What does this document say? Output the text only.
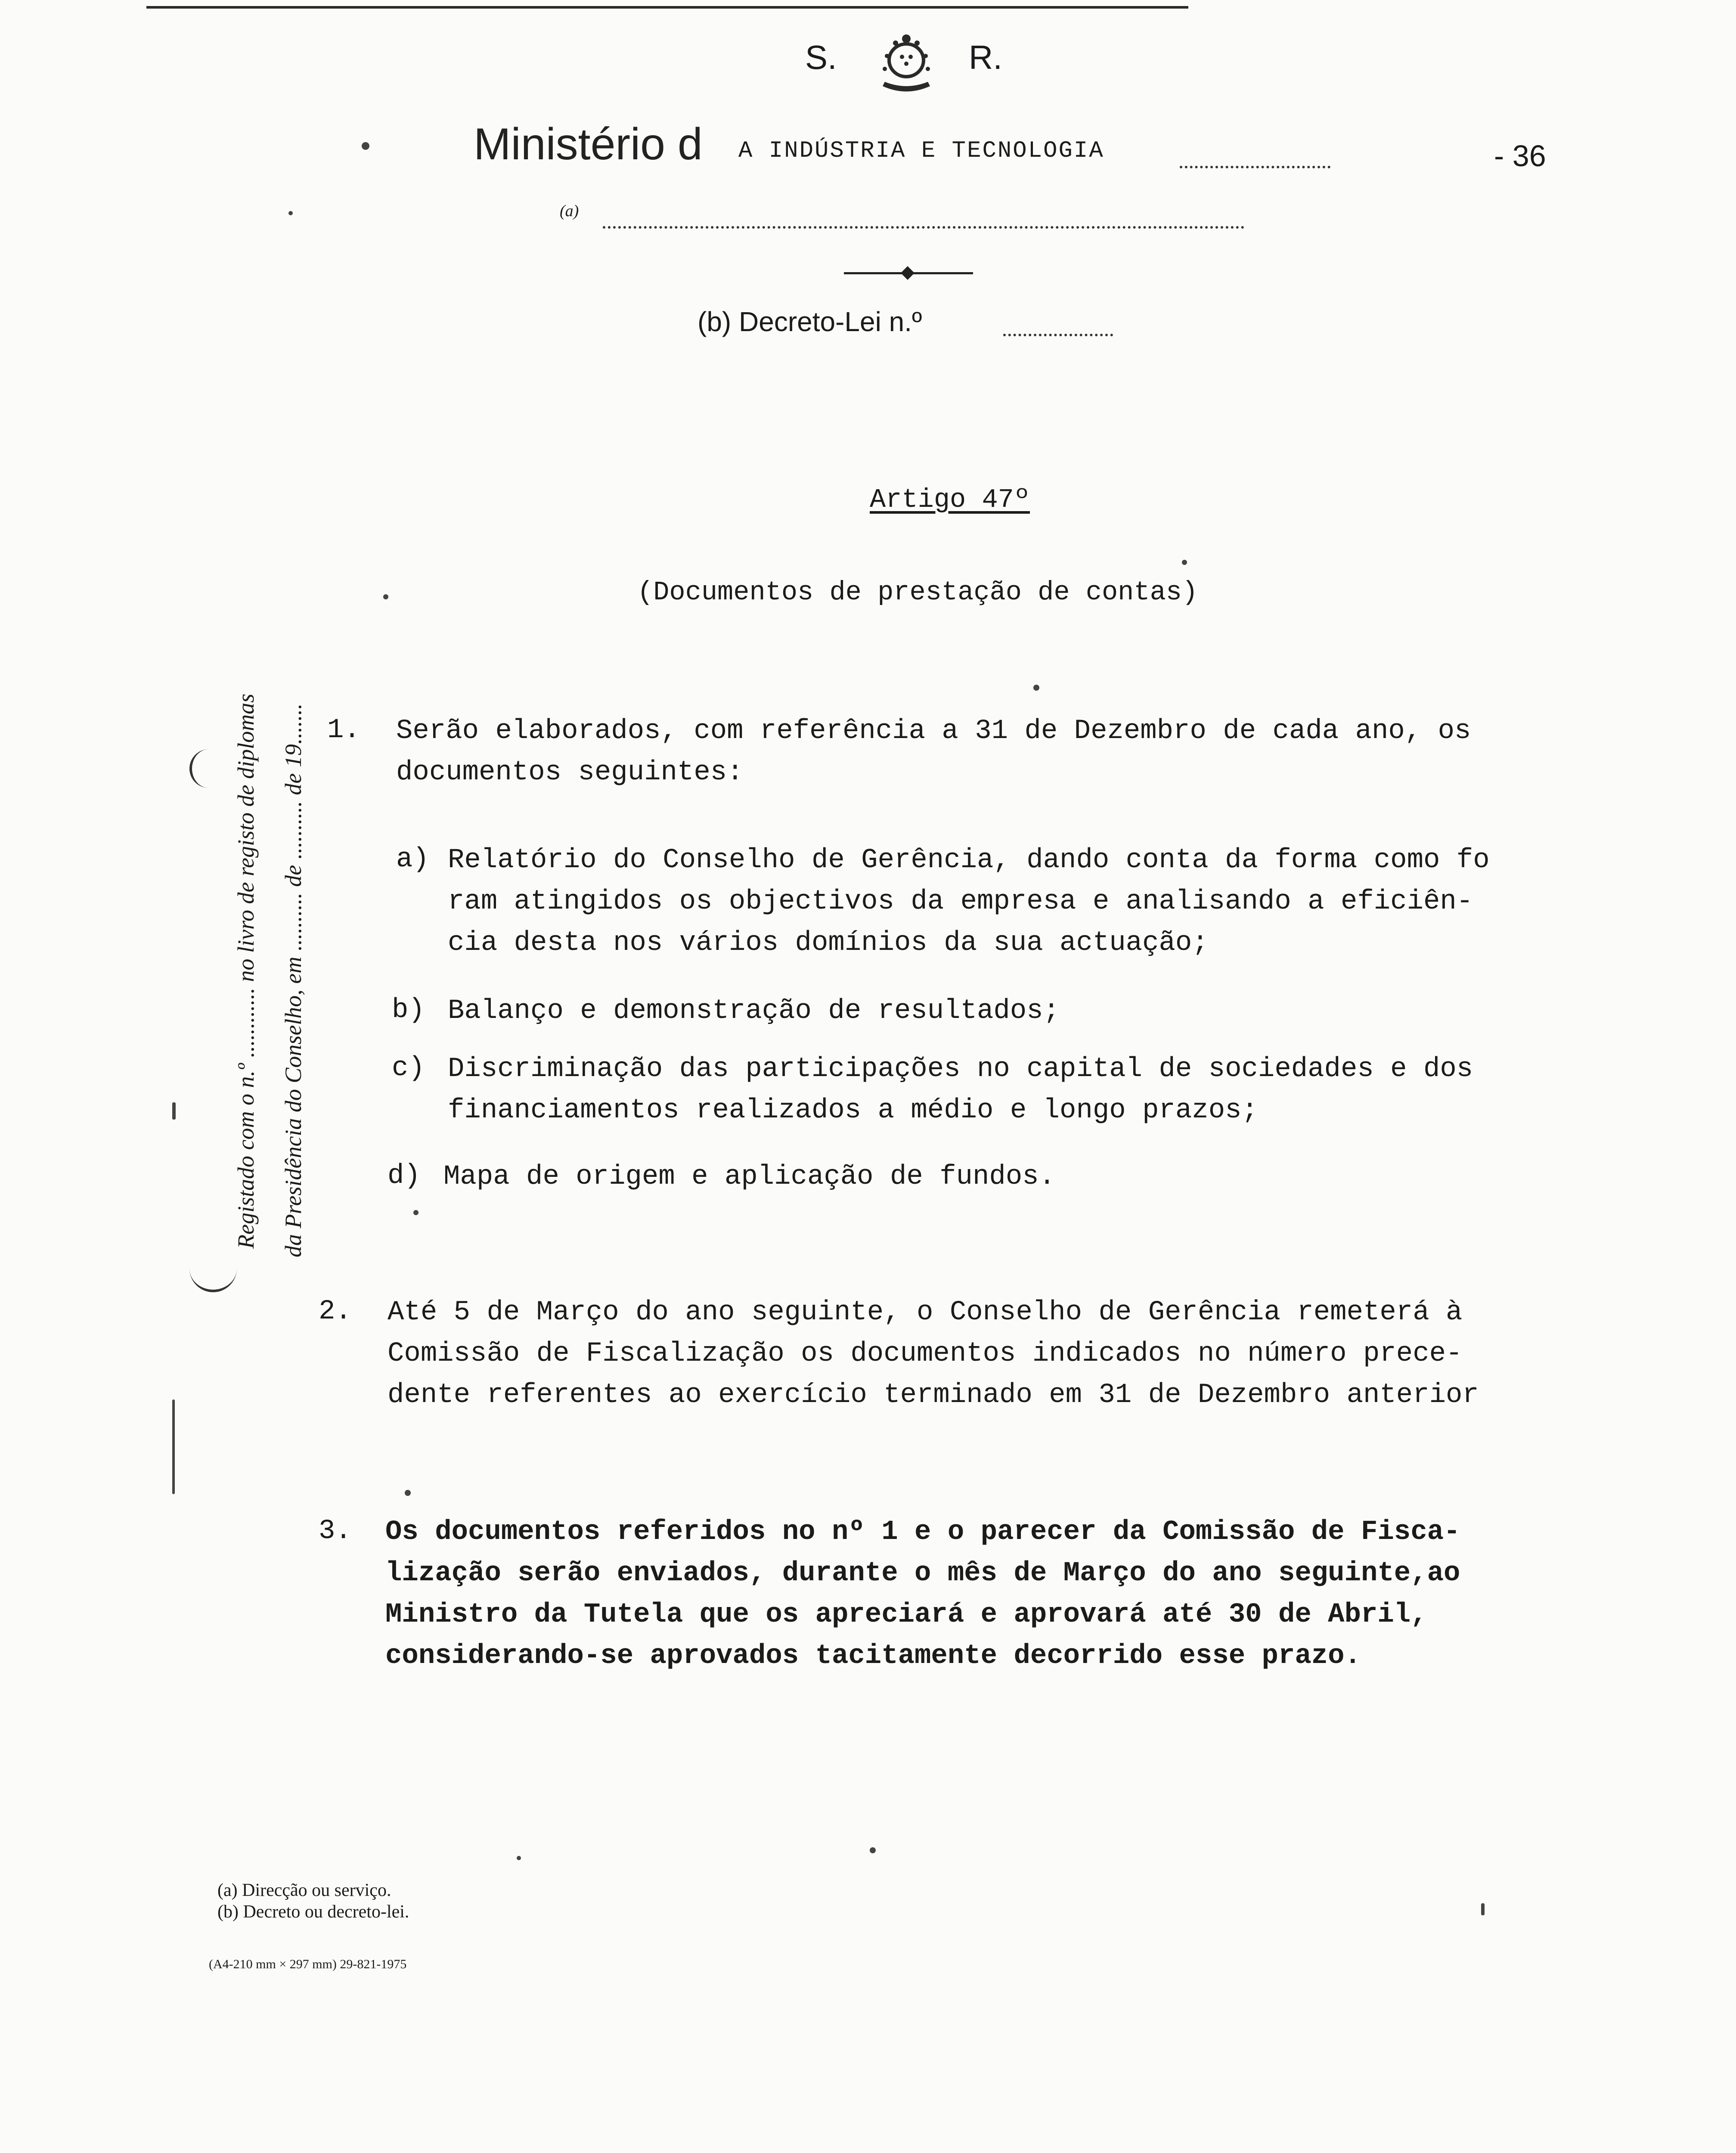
S.	R.
Ministério d A INDÚSTRIA E TECNOLOGIA	- 36
(a)
(b) Decreto-Lei n.º
Registado com o n.º ............ no livro de registo de diplomas da Presidência do Conselho, em .......... de .......... de 19.......
Artigo 47º
(Documentos de prestação de contas)
1. Serão elaborados, com referência a 31 de Dezembro de cada ano, os
documentos seguintes:
a) Relatório do Conselho de Gerência, dando conta da forma como fo
ram atingidos os objectivos da empresa e analisando a eficiên-
cia desta nos vários domínios da sua actuação;
b) Balanço e demonstração de resultados;
c) Discriminação das participações no capital de sociedades e dos
financiamentos realizados a médio e longo prazos;
d) Mapa de origem e aplicação de fundos.
2. Até 5 de Março do ano seguinte, o Conselho de Gerência remeterá à
Comissão de Fiscalização os documentos indicados no número prece-
dente referentes ao exercício terminado em 31 de Dezembro anterior
3. Os documentos referidos no nº 1 e o parecer da Comissão de Fisca-
lização serão enviados, durante o mês de Março do ano seguinte,ao
Ministro da Tutela que os apreciará e aprovará até 30 de Abril,
considerando-se aprovados tacitamente decorrido esse prazo.
(a) Direcção ou serviço.
(b) Decreto ou decreto-lei.
(A4-210 mm × 297 mm) 29-821-1975
